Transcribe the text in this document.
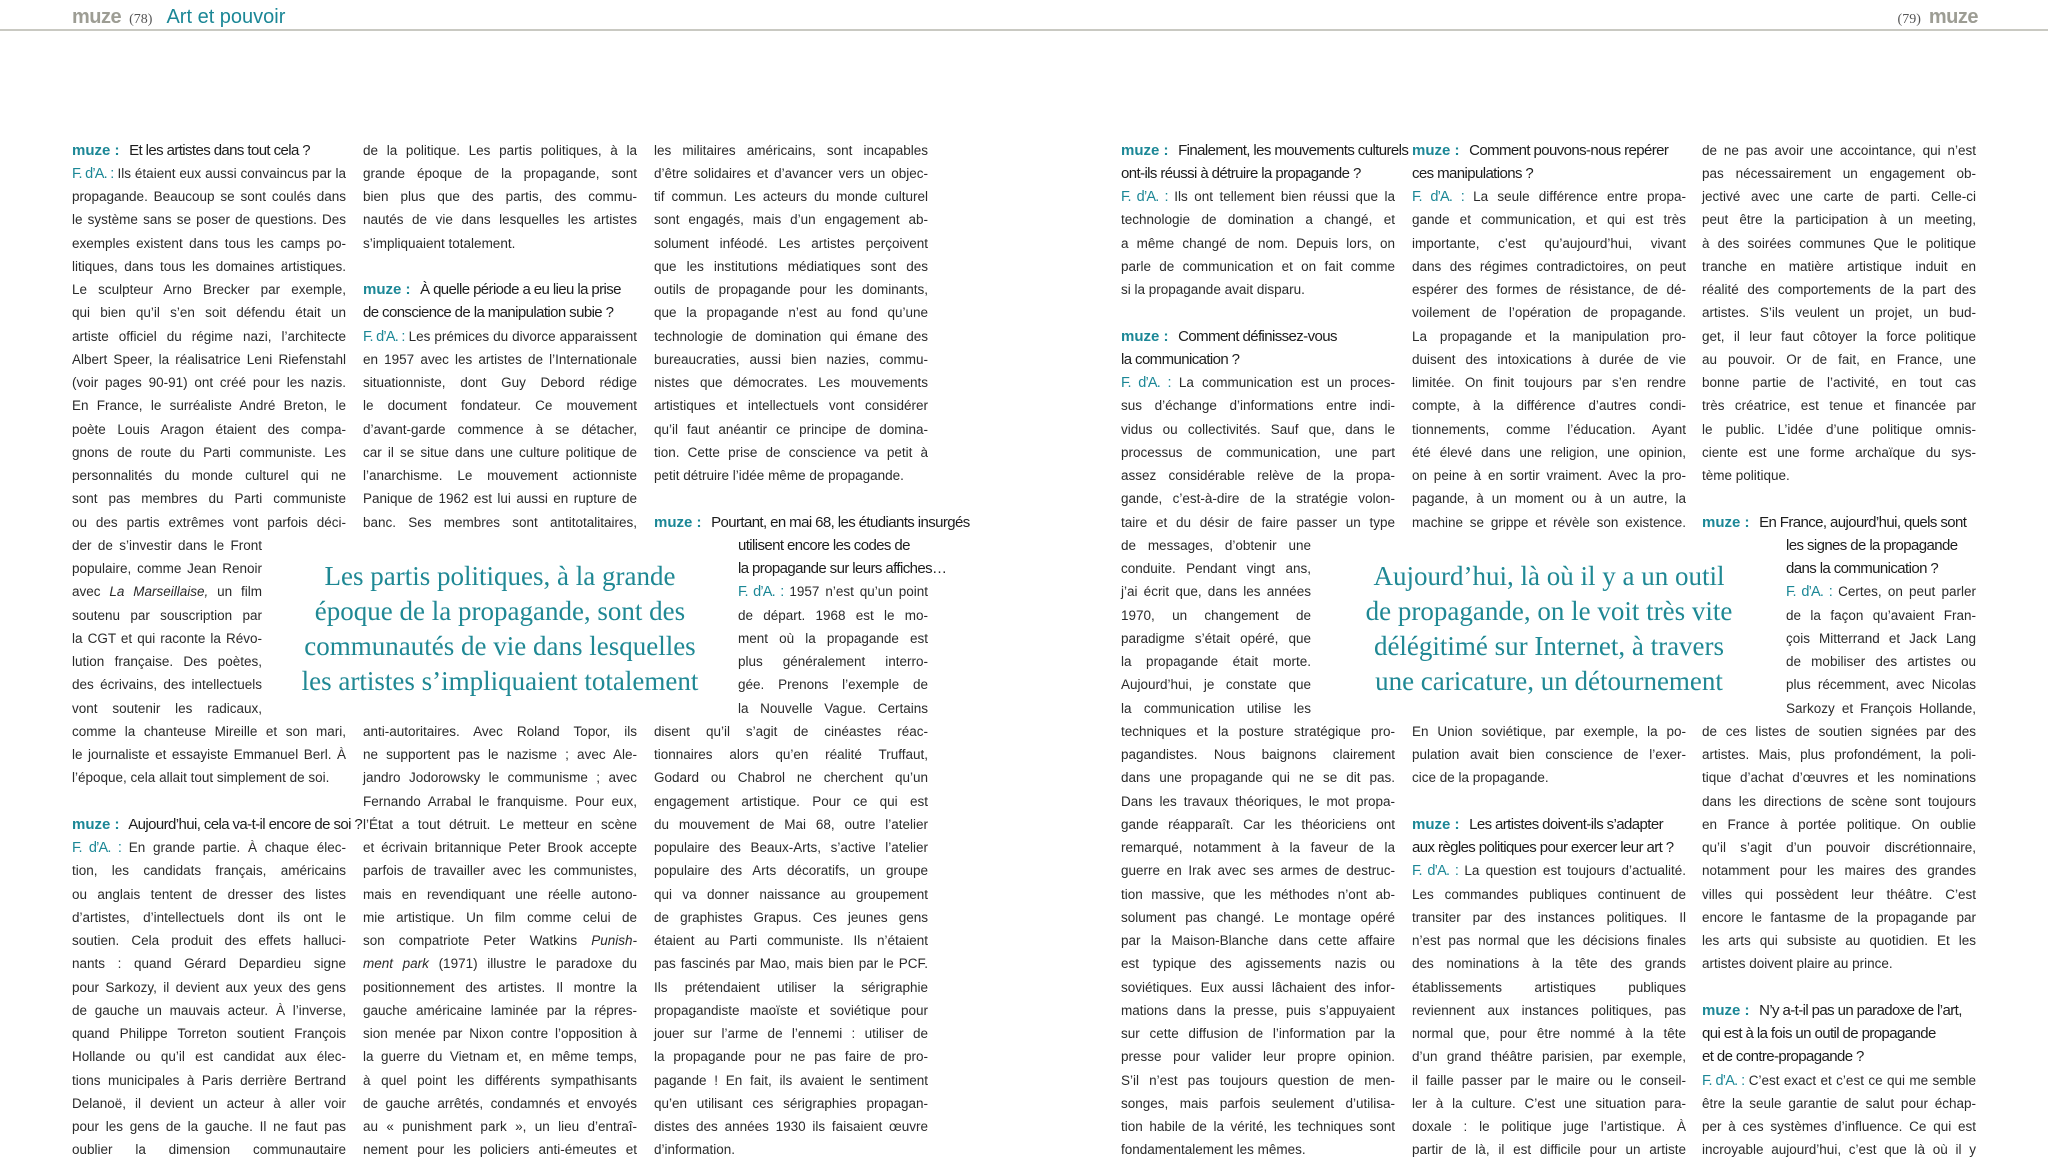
muze (78) Art et pouvoir	(79) muze
Les partis politiques, à la grande
époque de la propagande, sont des
communautés de vie dans lesquelles
les artistes s’impliquaient totalement
Aujourd’hui, là où il y a un outil
de propagande, on le voit très vite
délégitimé sur Internet, à travers
une caricature, un détournement
muze : Et les artistes dans tout cela ?
F. d’A. : Ils étaient eux aussi convaincus par la
propagande. Beaucoup se sont coulés dans
le système sans se poser de questions. Des
exemples existent dans tous les camps po-
litiques, dans tous les domaines artistiques.
Le sculpteur Arno Brecker par exemple,
qui bien qu’il s’en soit défendu était un
artiste officiel du régime nazi, l’architecte
Albert Speer, la réalisatrice Leni Riefenstahl
(voir pages 90-91) ont créé pour les nazis.
En France, le surréaliste André Breton, le
poète Louis Aragon étaient des compa-
gnons de route du Parti communiste. Les
personnalités du monde culturel qui ne
sont pas membres du Parti communiste
ou des partis extrêmes vont parfois déci-
der de s’investir dans le Front
populaire, comme Jean Renoir
avec La Marseillaise, un film
soutenu par souscription par
la CGT et qui raconte la Révo-
lution française. Des poètes,
des écrivains, des intellectuels
vont soutenir les radicaux,
comme la chanteuse Mireille et son mari,
le journaliste et essayiste Emmanuel Berl. À
l’époque, cela allait tout simplement de soi.
muze : Aujourd’hui, cela va-t-il encore de soi ?
F. d’A. : En grande partie. À chaque élec-
tion, les candidats français, américains
ou anglais tentent de dresser des listes
d’artistes, d’intellectuels dont ils ont le
soutien. Cela produit des effets halluci-
nants : quand Gérard Depardieu signe
pour Sarkozy, il devient aux yeux des gens
de gauche un mauvais acteur. À l’inverse,
quand Philippe Torreton soutient François
Hollande ou qu’il est candidat aux élec-
tions municipales à Paris derrière Bertrand
Delanoë, il devient un acteur à aller voir
pour les gens de la gauche. Il ne faut pas
oublier la dimension communautaire
de la politique. Les partis politiques, à la
grande époque de la propagande, sont
bien plus que des partis, des commu-
nautés de vie dans lesquelles les artistes
s’impliquaient totalement.
muze : À quelle période a eu lieu la prise
de conscience de la manipulation subie ?
F. d’A. : Les prémices du divorce apparaissent
en 1957 avec les artistes de l’Internationale
situationniste, dont Guy Debord rédige
le document fondateur. Ce mouvement
d’avant-garde commence à se détacher,
car il se situe dans une culture politique de
l’anarchisme. Le mouvement actionniste
Panique de 1962 est lui aussi en rupture de
banc. Ses membres sont antitotalitaires,
anti-autoritaires. Avec Roland Topor, ils
ne supportent pas le nazisme ; avec Ale-
jandro Jodorowsky le communisme ; avec
Fernando Arrabal le franquisme. Pour eux,
l’État a tout détruit. Le metteur en scène
et écrivain britannique Peter Brook accepte
parfois de travailler avec les communistes,
mais en revendiquant une réelle autono-
mie artistique. Un film comme celui de
son compatriote Peter Watkins Punish-
ment park (1971) illustre le paradoxe du
positionnement des artistes. Il montre la
gauche américaine laminée par la répres-
sion menée par Nixon contre l’opposition à
la guerre du Vietnam et, en même temps,
à quel point les différents sympathisants
de gauche arrêtés, condamnés et envoyés
au « punishment park », un lieu d’entraî-
nement pour les policiers anti-émeutes et
les militaires américains, sont incapables
d’être solidaires et d’avancer vers un objec-
tif commun. Les acteurs du monde culturel
sont engagés, mais d’un engagement ab-
solument inféodé. Les artistes perçoivent
que les institutions médiatiques sont des
outils de propagande pour les dominants,
que la propagande n’est au fond qu’une
technologie de domination qui émane des
bureaucraties, aussi bien nazies, commu-
nistes que démocrates. Les mouvements
artistiques et intellectuels vont considérer
qu’il faut anéantir ce principe de domina-
tion. Cette prise de conscience va petit à
petit détruire l’idée même de propagande.
muze : Pourtant, en mai 68, les étudiants insurgés
utilisent encore les codes de
la propagande sur leurs affiches…
F. d’A. : 1957 n’est qu’un point
de départ. 1968 est le mo-
ment où la propagande est
plus généralement interro-
gée. Prenons l’exemple de
la Nouvelle Vague. Certains
disent qu’il s’agit de cinéastes réac-
tionnaires alors qu’en réalité Truffaut,
Godard ou Chabrol ne cherchent qu’un
engagement artistique. Pour ce qui est
du mouvement de Mai 68, outre l’atelier
populaire des Beaux-Arts, s’active l’atelier
populaire des Arts décoratifs, un groupe
qui va donner naissance au groupement
de graphistes Grapus. Ces jeunes gens
étaient au Parti communiste. Ils n’étaient
pas fascinés par Mao, mais bien par le PCF.
Ils prétendaient utiliser la sérigraphie
propagandiste maoïste et soviétique pour
jouer sur l’arme de l’ennemi : utiliser de
la propagande pour ne pas faire de pro-
pagande ! En fait, ils avaient le sentiment
qu’en utilisant ces sérigraphies propagan-
distes des années 1930 ils faisaient œuvre
d’information.
muze : Finalement, les mouvements culturels
ont-ils réussi à détruire la propagande ?
F. d’A. : Ils ont tellement bien réussi que la
technologie de domination a changé, et
a même changé de nom. Depuis lors, on
parle de communication et on fait comme
si la propagande avait disparu.
muze : Comment définissez-vous
la communication ?
F. d’A. : La communication est un proces-
sus d’échange d’informations entre indi-
vidus ou collectivités. Sauf que, dans le
processus de communication, une part
assez considérable relève de la propa-
gande, c’est-à-dire de la stratégie volon-
taire et du désir de faire passer un type
de messages, d’obtenir une
conduite. Pendant vingt ans,
j’ai écrit que, dans les années
1970, un changement de
paradigme s’était opéré, que
la propagande était morte.
Aujourd’hui, je constate que
la communication utilise les
techniques et la posture stratégique pro-
pagandistes. Nous baignons clairement
dans une propagande qui ne se dit pas.
Dans les travaux théoriques, le mot propa-
gande réapparaît. Car les théoriciens ont
remarqué, notamment à la faveur de la
guerre en Irak avec ses armes de destruc-
tion massive, que les méthodes n’ont ab-
solument pas changé. Le montage opéré
par la Maison-Blanche dans cette affaire
est typique des agissements nazis ou
soviétiques. Eux aussi lâchaient des infor-
mations dans la presse, puis s’appuyaient
sur cette diffusion de l’information par la
presse pour valider leur propre opinion.
S’il n’est pas toujours question de men-
songes, mais parfois seulement d’utilisa-
tion habile de la vérité, les techniques sont
fondamentalement les mêmes.
muze : Comment pouvons-nous repérer
ces manipulations ?
F. d’A. : La seule différence entre propa-
gande et communication, et qui est très
importante, c’est qu’aujourd’hui, vivant
dans des régimes contradictoires, on peut
espérer des formes de résistance, de dé-
voilement de l’opération de propagande.
La propagande et la manipulation pro-
duisent des intoxications à durée de vie
limitée. On finit toujours par s’en rendre
compte, à la différence d’autres condi-
tionnements, comme l’éducation. Ayant
été élevé dans une religion, une opinion,
on peine à en sortir vraiment. Avec la pro-
pagande, à un moment ou à un autre, la
machine se grippe et révèle son existence.
En Union soviétique, par exemple, la po-
pulation avait bien conscience de l’exer-
cice de la propagande.
muze : Les artistes doivent-ils s’adapter
aux règles politiques pour exercer leur art ?
F. d’A. : La question est toujours d’actualité.
Les commandes publiques continuent de
transiter par des instances politiques. Il
n’est pas normal que les décisions finales
des nominations à la tête des grands
établissements artistiques publiques
reviennent aux instances politiques, pas
normal que, pour être nommé à la tête
d’un grand théâtre parisien, par exemple,
il faille passer par le maire ou le conseil-
ler à la culture. C’est une situation para-
doxale : le politique juge l’artistique. À
partir de là, il est difficile pour un artiste
de ne pas avoir une accointance, qui n’est
pas nécessairement un engagement ob-
jectivé avec une carte de parti. Celle-ci
peut être la participation à un meeting,
à des soirées communes Que le politique
tranche en matière artistique induit en
réalité des comportements de la part des
artistes. S’ils veulent un projet, un bud-
get, il leur faut côtoyer la force politique
au pouvoir. Or de fait, en France, une
bonne partie de l’activité, en tout cas
très créatrice, est tenue et financée par
le public. L’idée d’une politique omnis-
ciente est une forme archaïque du sys-
tème politique.
muze : En France, aujourd’hui, quels sont
les signes de la propagande
dans la communication ?
F. d’A. : Certes, on peut parler
de la façon qu’avaient Fran-
çois Mitterrand et Jack Lang
de mobiliser des artistes ou
plus récemment, avec Nicolas
Sarkozy et François Hollande,
de ces listes de soutien signées par des
artistes. Mais, plus profondément, la poli-
tique d’achat d’œuvres et les nominations
dans les directions de scène sont toujours
en France à portée politique. On oublie
qu’il s’agit d’un pouvoir discrétionnaire,
notamment pour les maires des grandes
villes qui possèdent leur théâtre. C’est
encore le fantasme de la propagande par
les arts qui subsiste au quotidien. Et les
artistes doivent plaire au prince.
muze : N’y a-t-il pas un paradoxe de l’art,
qui est à la fois un outil de propagande
et de contre-propagande ?
F. d’A. : C’est exact et c’est ce qui me semble
être la seule garantie de salut pour échap-
per à ces systèmes d’influence. Ce qui est
incroyable aujourd’hui, c’est que là où il y
